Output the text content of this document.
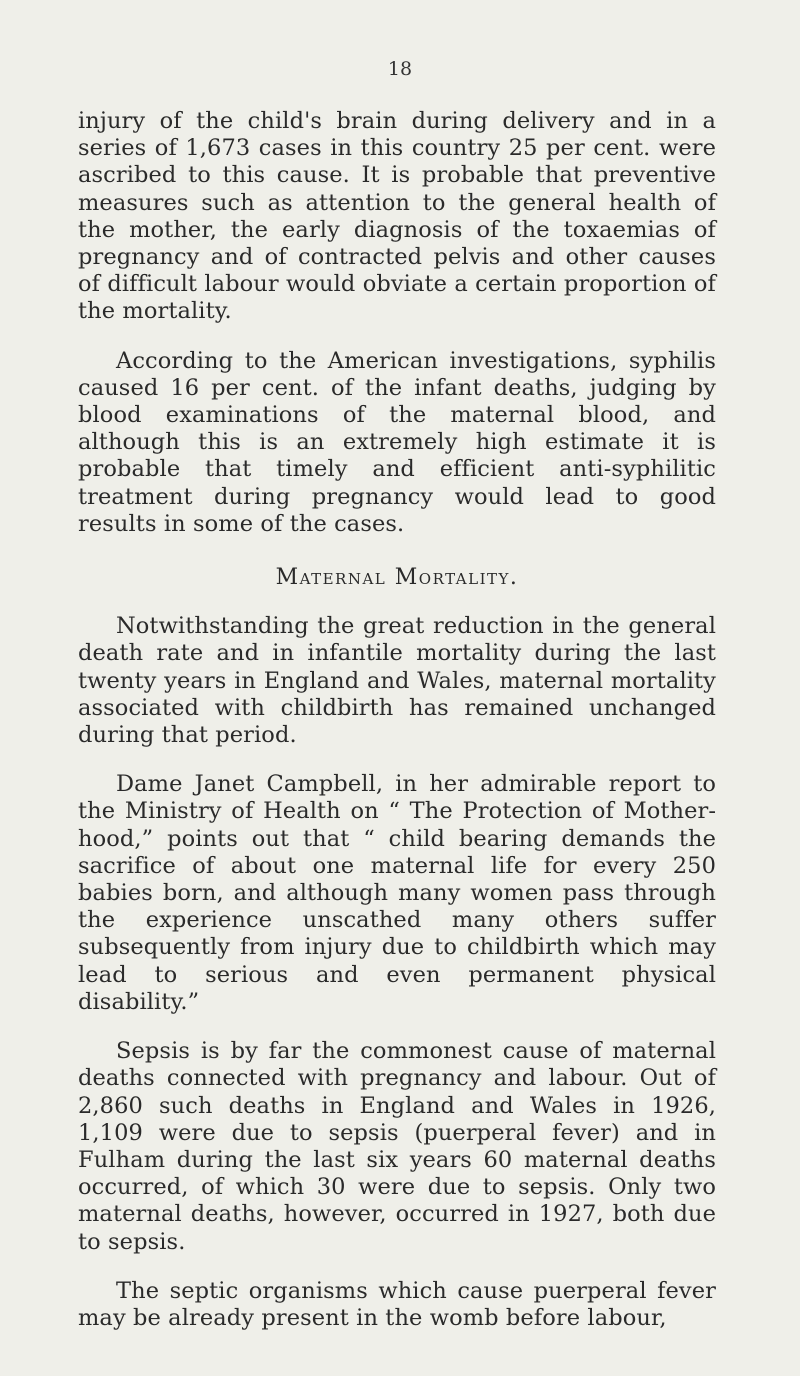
18

injury of the child's brain during delivery and in a series of 1,673 cases in this country 25 per cent. were ascribed to this cause. It is probable that preventive measures such as attention to the general health of the mother, the early diagnosis of the toxaemias of pregnancy and of contracted pelvis and other causes of difficult labour would obviate a certain proportion of the mortality.

According to the American investigations, syphilis caused 16 per cent. of the infant deaths, judging by blood examinations of the maternal blood, and although this is an extremely high estimate it is probable that timely and efficient anti-syphilitic treatment during pregnancy would lead to good results in some of the cases.

Maternal Mortality.

Notwithstanding the great reduction in the general death rate and in infantile mortality during the last twenty years in England and Wales, maternal mortality associated with childbirth has remained unchanged during that period.

Dame Janet Campbell, in her admirable report to the Ministry of Health on “ The Protection of Motherhood,” points out that “ child bearing demands the sacrifice of about one maternal life for every 250 babies born, and although many women pass through the experience unscathed many others suffer subsequently from injury due to childbirth which may lead to serious and even permanent physical disability.”

Sepsis is by far the commonest cause of maternal deaths connected with pregnancy and labour. Out of 2,860 such deaths in England and Wales in 1926, 1,109 were due to sepsis (puerperal fever) and in Fulham during the last six years 60 maternal deaths occurred, of which 30 were due to sepsis. Only two maternal deaths, however, occurred in 1927, both due to sepsis.

The septic organisms which cause puerperal fever may be already present in the womb before labour,
